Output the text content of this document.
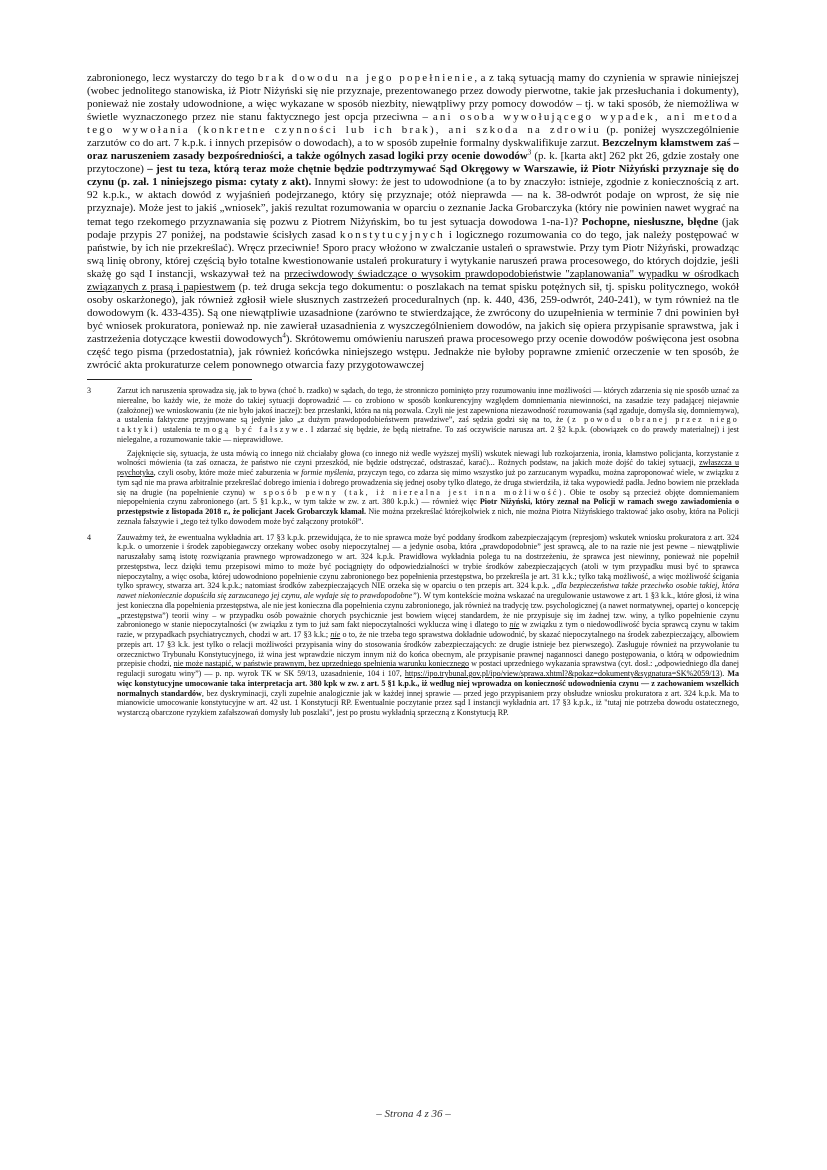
zabronionego, lecz wystarczy do tego brak dowodu na jego popełnienie, a z taką sytuacją mamy do czynienia w sprawie niniejszej (wobec jednolitego stanowiska, iż Piotr Niżyński się nie przyznaje, prezentowanego przez dowody pierwotne, takie jak przesłuchania i dokumenty), ponieważ nie zostały udowodnione, a więc wykazane w sposób niezbity, niewątpliwy przy pomocy dowodów – tj. w taki sposób, że niemożliwa w świetle wyznaczonego przez nie stanu faktycznego jest opcja przeciwna – ani osoba wywołującego wypadek, ani metoda tego wywołania (konkretne czynności lub ich brak), ani szkoda na zdrowiu (p. poniżej wyszczególnienie zarzutów co do art. 7 k.p.k. i innych przepisów o dowodach), a to w sposób zupełnie formalny dyskwalifikuje zarzut. Bezczelnym kłamstwem zaś – oraz naruszeniem zasady bezpośredniości, a także ogólnych zasad logiki przy ocenie dowodów$^3$ (p. k. [karta akt] 262 pkt 26, gdzie zostały one przytoczone) – jest tu teza, którą teraz może chętnie będzie podtrzymywać Sąd Okręgowy w Warszawie, iż Piotr Niżyński przyznaje się do czynu (p. zał. 1 niniejszego pisma: cytaty z akt). Innymi słowy: że jest to udowodnione (a to by znaczyło: istnieje, zgodnie z koniecznością z art. 92 k.p.k., w aktach dowód z wyjaśnień podejrzanego, który się przyznaje; otóż nieprawda — na k. 38-odwrót podaje on wprost, że się nie przyznaje). Może jest to jakiś „wniosek”, jakiś rezultat rozumowania w oparciu o zeznanie Jacka Grobarczyka (który nie powinien nawet wygrać na temat tego rzekomego przyznawania się pozwu z Piotrem Niżyńskim, bo tu jest sytuacja dowodowa 1-na-1)? Pochopne, niesłuszne, błędne (jak podaje przypis 27 poniżej, na podstawie ścisłych zasad konstytucyjnych i logicznego rozumowania co do tego, jak należy postępować w państwie, by ich nie przekreślać). Wręcz przeciwnie! Sporo pracy włożono w zwalczanie ustaleń o sprawstwie. Przy tym Piotr Niżyński, prowadząc swą linię obrony, której częścią było totalne kwestionowanie ustaleń prokuratury i wytykanie naruszeń prawa procesowego, do których dojdzie, jeśli skażę go sąd I instancji, wskazywał też na przeciwdowody świadczące o wysokim prawdopodobieństwie "zaplanowania" wypadku w ośrodkach związanych z prasą i papiestwem (p. też druga sekcja tego dokumentu: o poszlakach na temat spisku potężnych sił, tj. spisku politycznego, wokół osoby oskarżonego), jak również zgłosił wiele słusznych zastrzeżeń proceduralnych (np. k. 440, 436, 259-odwrót, 240-241), w tym również na tle dowodowym (k. 433-435). Są one niewątpliwie uzasadnione (zarówno te stwierdzające, że zwrócony do uzupełnienia w terminie 7 dni powinien był być wniosek prokuratora, ponieważ np. nie zawierał uzasadnienia z wyszczególnieniem dowodów, na jakich się opiera przypisanie sprawstwa, jak i zastrzeżenia dotyczące kwestii dowodowych$^4$). Skrótowemu omówieniu naruszeń prawa procesowego przy ocenie dowodów poświęcona jest osobna część tego pisma (przedostatnia), jak również końcówka niniejszego wstępu. Jednakże nie byłoby poprawne zmienić orzeczenie w ten sposób, że zwrócić akta prokuraturze celem ponownego otwarcia fazy przygotowawczej

3	Zarzut ich naruszenia sprowadza się, jak to bywa (choć b. rzadko) w sądach, do tego, że stronniczo pominięto przy rozumowaniu inne możliwości — których zdarzenia się nie sposób uznać za nierealne, bo każdy wie, że może do takiej sytuacji doprowadzić — co zrobiono w sposób konkurencyjny względem domniemania niewinności, na zasadzie tezy padającej niejawnie (założonej) we wnioskowaniu (że nie było jakoś inaczej): bez przesłanki, która na nią pozwala. Czyli nie jest zapewniona niezawodność rozumowania (sąd zgaduje, domyśla się, domniemywa), a ustalenia faktyczne przyjmowane są jedynie jako „z dużym prawdopodobieństwem prawdziwe”, zaś sędzia godzi się na to, że (z powodu obranej przez niego taktyki) ustalenia te mogą być fałszywe. I zdarzać się będzie, że będą nietrafne. To zaś oczywiście narusza art. 2 §2 k.p.k. (obowiązek co do prawdy materialnej) i jest nielegalne, a rozumowanie takie — nieprawidłowe.

Zajęknięcie się, sytuacja, że usta mówią co innego niż chciałaby głowa (co innego niż wedle wyższej myśli) wskutek niewagi lub rozkojarzenia, ironia, kłamstwo policjanta, korzystanie z wolności mówienia (ta zaś oznacza, że państwo nie czyni przeszkód, nie będzie odstręczać, odstraszać, karać)... Rożnych podstaw, na jakich może dojść do takiej sytuacji, zwłaszcza u psychotyka, czyli osoby, które może mieć zaburzenia w formie myślenia, przyczyn tego, co zdarza się mimo wszystko już po zarzucanym wypadku, można zaproponować wiele, w związku z tym sąd nie ma prawa arbitralnie przekreślać dobrego imienia i dobrego prowadzenia się jednej osoby tylko dlatego, że druga stwierdziła, iż taka wypowiedź padła. Jedno bowiem nie przekłada się na drugie (na popełnienie czynu) w sposób pewny (tak, iż nierealna jest inna możliwość). Obie te osoby są przecież objęte domniemaniem niepopełnienia czynu zabronionego (art. 5 §1 k.p.k., w tym także w zw. z art. 380 k.p.k.) — również więc Piotr Niżyński, który zeznał na Policji w ramach swego zawiadomienia o przestępstwie z listopada 2018 r., że policjant Jacek Grobarczyk kłamał. Nie można przekreślać którejkolwiek z nich, nie można Piotra Niżyńskiego traktować jako osoby, która na Policji zeznała fałszywie i „tego też tylko dowodem może być załączony protokół”.

4	Zauważmy też, że ewentualna wykładnia art. 17 §3 k.p.k. przewidująca, że to nie sprawca może być poddany środkom zabezpieczającym (represjom) wskutek wniosku prokuratora z art. 324 k.p.k. o umorzenie i środek zapobiegawczy orzekany wobec osoby niepoczytalnej — a jedynie osoba, która „prawdopodobnie” jest sprawcą, ale to na razie nie jest pewne – niewątpliwie naruszałaby samą istotę rozwiązania prawnego wprowadzonego w art. 324 k.p.k. Prawidłowa wykładnia polega tu na dostrzeżeniu, że sprawca jest niewinny, ponieważ nie popełnił przestępstwa, lecz dzięki temu przepisowi mimo to może być pociągnięty do odpowiedzialności w trybie środków zabezpieczających (atoli w tym przypadku musi być to sprawca niepoczytalny, a więc osoba, której udowodniono popełnienie czynu zabronionego bez popełnienia przestępstwa, bo przekreśla je art. 31 k.k.; tylko taką możliwość, a więc możliwość ścigania tylko sprawcy, stwarza art. 324 k.p.k.; natomiast środków zabezpieczających NIE orzeka się w oparciu o ten przepis art. 324 k.p.k. „dla bezpieczeństwa także przeciwko osobie takiej, która nawet niekoniecznie dopuściła się zarzucanego jej czynu, ale wydaje się to prawdopodobne”). W tym kontekście można wskazać na uregulowanie ustawowe z art. 1 §3 k.k., które głosi, iż wina jest konieczna dla popełnienia przestępstwa, ale nie jest konieczna dla popełnienia czynu zabronionego, jak również na tradycję tzw. psychologicznej (a nawet normatywnej, opartej o koncepcję „przestępstwa”) teorii winy – w przypadku osób poważnie chorych psychicznie jest bowiem więcej standardem, że nie przypisuje się im żadnej tzw. winy, a tylko popełnienie czynu zabronionego w stanie niepoczytalności (w związku z tym to już sam fakt niepoczytalności wyklucza winę i dlatego to nie w związku z tym o niedowodliwość bycia sprawcą czynu w takim razie, w przypadkach psychiatrycznych, chodzi w art. 17 §3 k.k.; nie o to, że nie trzeba tego sprawstwa dokładnie udowodnić, by skazać niepoczytalnego na środek zabezpieczający, albowiem przepis art. 17 §3 k.k. jest tylko o relacji możliwości przypisania winy do stosowania środków zabezpieczających: ze drugie istnieje bez pierwszego). Zasługuje również na przywołanie tu orzecznictwo Trybunału Konstytucyjnego, iż wina jest wprawdzie niczym innym niż do końca obecnym, ale przypisanie prawnej nagannosci danego postępowania, o którą w odpowiednim przepisie chodzi, nie może nastąpić, w państwie prawnym, bez uprzedniego spełnienia warunku koniecznego w postaci uprzedniego wykazania sprawstwa (cyt. dosł.: „odpowiedniego dla danej regulacji surogatu winy”) — p. np. wyrok TK w SK 59/13, uzasadnienie, 104 i 107, https://ipo.trybunal.gov.pl/ipo/view/sprawa.xhtml?&pokaz=dokumenty&sygnatura=SK%2059/13). Ma więc konstytucyjne umocowanie taka interpretacja art. 380 kpk w zw. z art. 5 §1 k.p.k., iż według niej wprowadza on konieczność udowodnienia czynu — z zachowaniem wszelkich normalnych standardów, bez dyskryminacji, czyli zupełnie analogicznie jak w każdej innej sprawie — przed jego przypisaniem przy obsłudze wniosku prokuratora z art. 324 k.p.k. Ma to mianowicie umocowanie konstytucyjne w art. 42 ust. 1 Konstytucji RP. Ewentualnie poczytanie przez sąd I instancji wykładnia art. 17 §3 k.p.k., iż "tutaj nie potrzeba dowodu ostatecznego, wystarczą obarczone ryzykiem zafałszowań domysły lub poszlaki", jest po prostu wykładnią sprzeczną z Konstytucją RP.

– Strona 4 z 36 –
